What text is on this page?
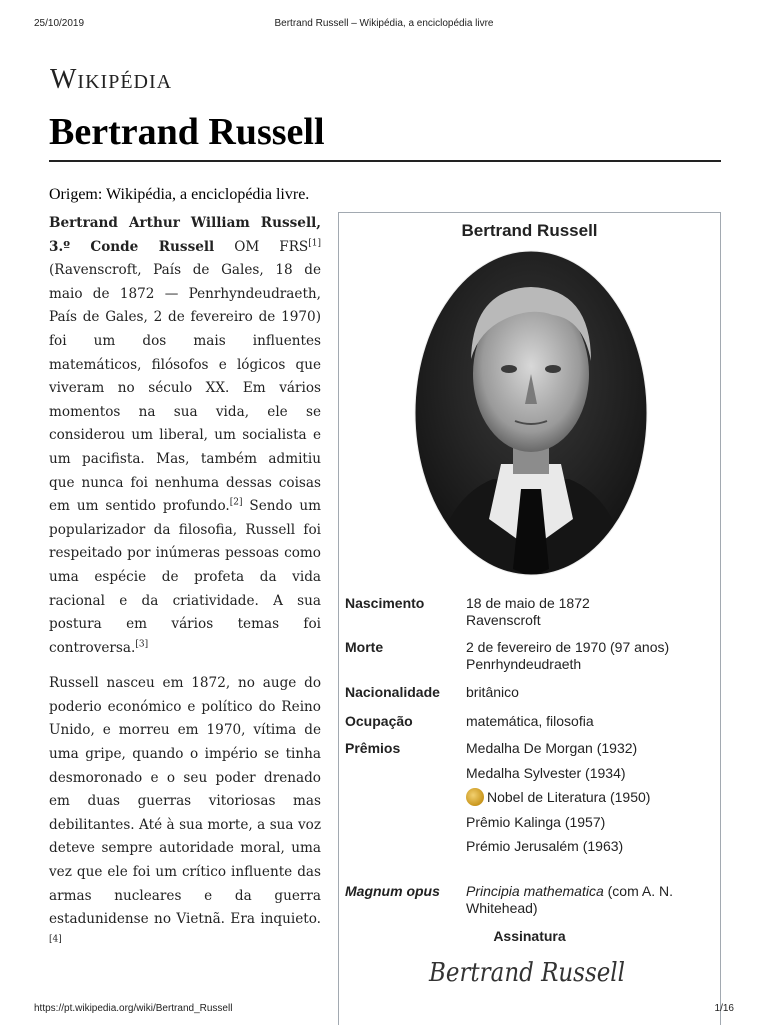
25/10/2019	Bertrand Russell – Wikipédia, a enciclopédia livre
Wikipédia
Bertrand Russell
Origem: Wikipédia, a enciclopédia livre.

Bertrand Arthur William Russell, 3.º Conde Russell OM FRS[1] (Ravenscroft, País de Gales, 18 de maio de 1872 — Penrhyndeudraeth, País de Gales, 2 de fevereiro de 1970) foi um dos mais influentes matemáticos, filósofos e lógicos que viveram no século XX. Em vários momentos na sua vida, ele se considerou um liberal, um socialista e um pacifista. Mas, também admitiu que nunca foi nenhuma dessas coisas em um sentido profundo.[2] Sendo um popularizador da filosofia, Russell foi respeitado por inúmeras pessoas como uma espécie de profeta da vida racional e da criatividade. A sua postura em vários temas foi controversa.[3]

Russell nasceu em 1872, no auge do poderio económico e político do Reino Unido, e morreu em 1970, vítima de uma gripe, quando o império se tinha desmoronado e o seu poder drenado em duas guerras vitoriosas mas debilitantes. Até à sua morte, a sua voz deteve sempre autoridade moral, uma vez que ele foi um crítico influente das armas nucleares e da guerra estadunidense no Vietnã. Era inquieto.[4]

Bertrand Russell
Nascimento	18 de maio de 1872
Ravenscroft
Morte	2 de fevereiro de 1970 (97 anos)
Penrhyndeudraeth
Nacionalidade	britânico
Ocupação	matemática, filosofia
Prêmios	Medalha De Morgan (1932)
Medalha Sylvester (1934)
Nobel de Literatura (1950)
Prêmio Kalinga (1957)
Prémio Jerusalém (1963)
Magnum opus	Principia mathematica (com A. N. Whitehead)
Assinatura
Bertrand Russell
https://pt.wikipedia.org/wiki/Bertrand_Russell	1/16
